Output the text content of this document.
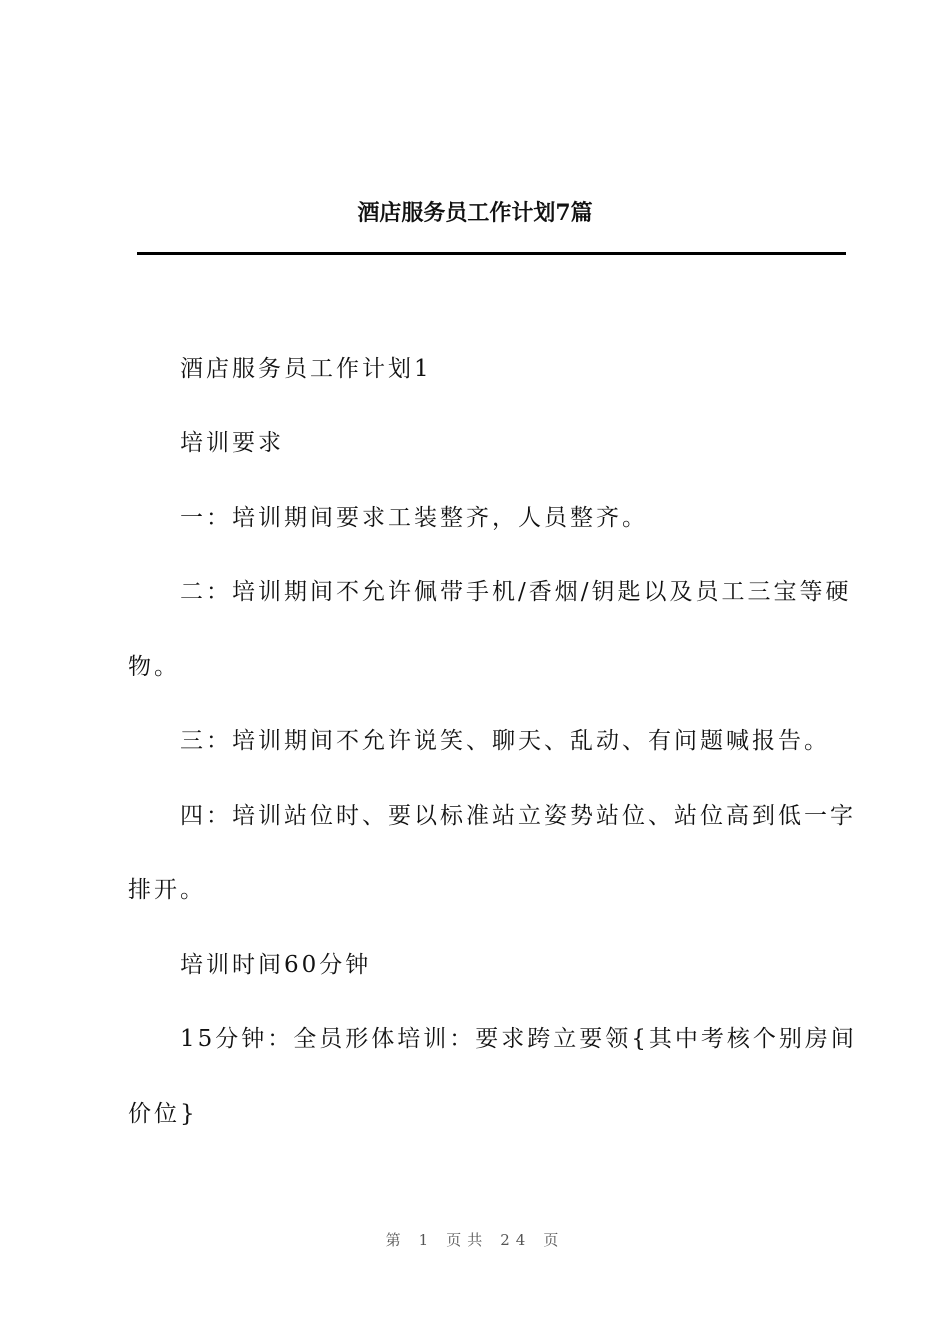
酒店服务员工作计划7篇
酒店服务员工作计划1
培训要求
一：培训期间要求工装整齐，人员整齐。
二：培训期间不允许佩带手机/香烟/钥匙以及员工三宝等硬
物。
三：培训期间不允许说笑、聊天、乱动、有问题喊报告。
四：培训站位时、要以标准站立姿势站位、站位高到低一字
排开。
培训时间60分钟
15分钟：全员形体培训：要求跨立要领{其中考核个别房间
价位}
第 1 页共 24 页
